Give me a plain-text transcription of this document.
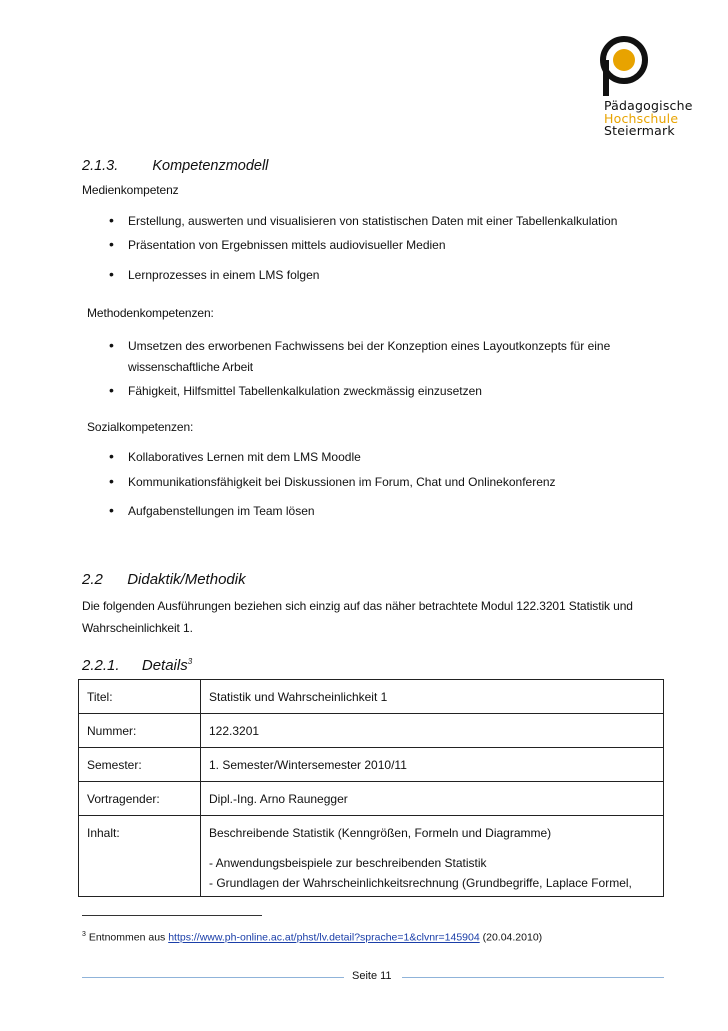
Pädagogische
Hochschule
Steiermark
2.1.3. Kompetenzmodell
Medienkompetenz
• Erstellung, auswerten und visualisieren von statistischen Daten mit einer Tabellenkalkulation
• Präsentation von Ergebnissen mittels audiovisueller Medien
• Lernprozesses in einem LMS folgen
Methodenkompetenzen:
• Umsetzen des erworbenen Fachwissens bei der Konzeption eines Layoutkonzepts für eine
wissenschaftliche Arbeit
• Fähigkeit, Hilfsmittel Tabellenkalkulation zweckmässig einzusetzen
Sozialkompetenzen:
• Kollaboratives Lernen mit dem LMS Moodle
• Kommunikationsfähigkeit bei Diskussionen im Forum, Chat und Onlinekonferenz
• Aufgabenstellungen im Team lösen
2.2 Didaktik/Methodik
Die folgenden Ausführungen beziehen sich einzig auf das näher betrachtete Modul 122.3201 Statistik und
Wahrscheinlichkeit 1.
2.2.1. Details$^3$
Titel:	Statistik und Wahrscheinlichkeit 1
Nummer:	122.3201
Semester:	1. Semester/Wintersemester 2010/11
Vortragender:	Dipl.-Ing. Arno Raunegger
Inhalt:	Beschreibende Statistik (Kenngrößen, Formeln und Diagramme)
- Anwendungsbeispiele zur beschreibenden Statistik
- Grundlagen der Wahrscheinlichkeitsrechnung (Grundbegriffe, Laplace Formel,
$^3$ Entnommen aus https://www.ph-online.ac.at/phst/lv.detail?sprache=1&clvnr=145904 (20.04.2010)
Seite 11
